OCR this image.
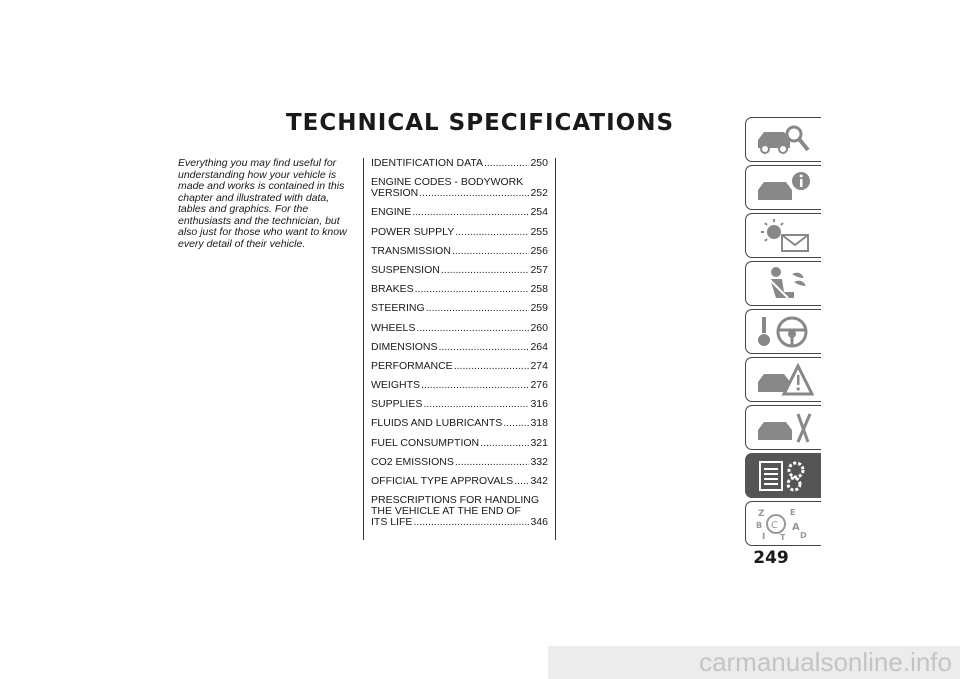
TECHNICAL SPECIFICATIONS

Everything you may find useful for understanding how your vehicle is made and works is contained in this chapter and illustrated with data, tables and graphics. For the enthusiasts and the technician, but also just for those who want to know every detail of their vehicle.

IDENTIFICATION DATA .....	250
ENGINE CODES - BODYWORK
VERSION .....	252
ENGINE .....	254
POWER SUPPLY .....	255
TRANSMISSION .....	256
SUSPENSION .....	257
BRAKES .....	258
STEERING .....	259
WHEELS .....	260
DIMENSIONS .....	264
PERFORMANCE .....	274
WEIGHTS .....	276
SUPPLIES .....	316
FLUIDS AND LUBRICANTS .....	318
FUEL CONSUMPTION .....	321
CO2 EMISSIONS .....	332
OFFICIAL TYPE APPROVALS ..... 342
PRESCRIPTIONS FOR HANDLING
THE VEHICLE AT THE END OF
ITS LIFE .....	346
Z	E
B	A
I	D
T
C
249
carmanualsonline.info
